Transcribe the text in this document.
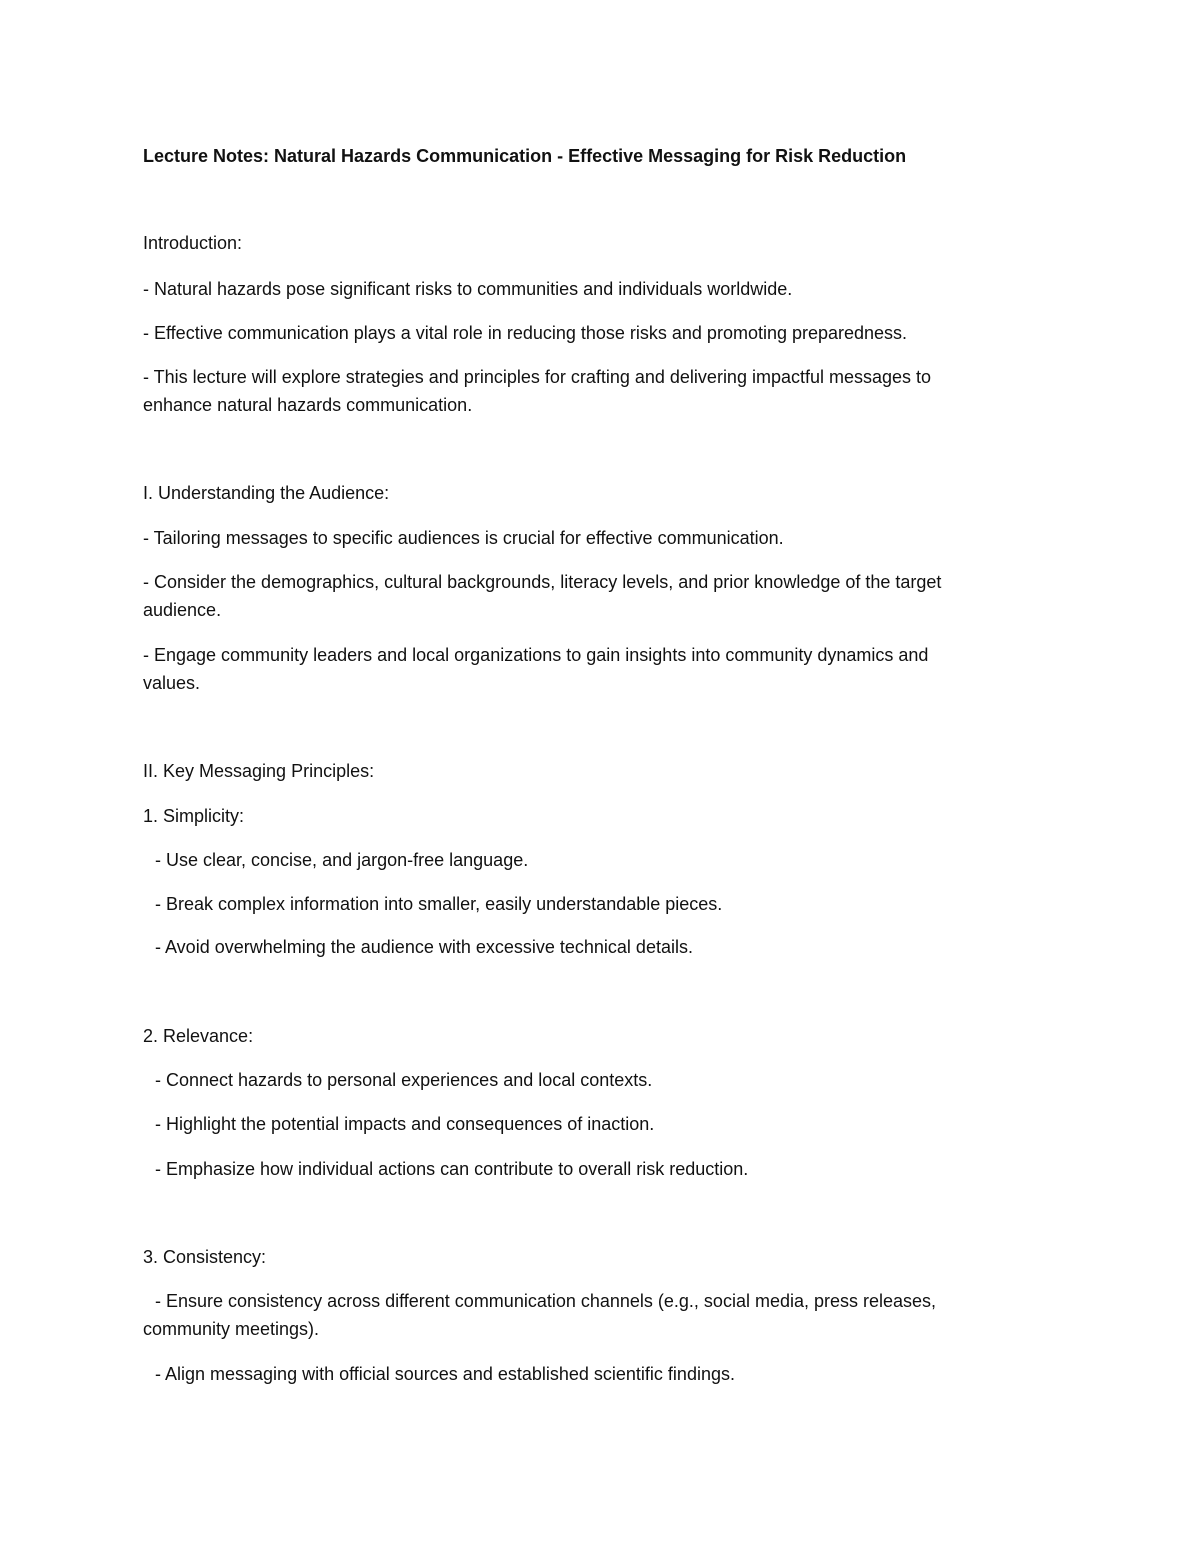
Lecture Notes: Natural Hazards Communication - Effective Messaging for Risk Reduction
Introduction:
- Natural hazards pose significant risks to communities and individuals worldwide.
- Effective communication plays a vital role in reducing those risks and promoting preparedness.
- This lecture will explore strategies and principles for crafting and delivering impactful messages to
enhance natural hazards communication.
I. Understanding the Audience:
- Tailoring messages to specific audiences is crucial for effective communication.
- Consider the demographics, cultural backgrounds, literacy levels, and prior knowledge of the target
audience.
- Engage community leaders and local organizations to gain insights into community dynamics and
values.
II. Key Messaging Principles:
1. Simplicity:
- Use clear, concise, and jargon-free language.
- Break complex information into smaller, easily understandable pieces.
- Avoid overwhelming the audience with excessive technical details.
2. Relevance:
- Connect hazards to personal experiences and local contexts.
- Highlight the potential impacts and consequences of inaction.
- Emphasize how individual actions can contribute to overall risk reduction.
3. Consistency:
- Ensure consistency across different communication channels (e.g., social media, press releases,
community meetings).
- Align messaging with official sources and established scientific findings.
